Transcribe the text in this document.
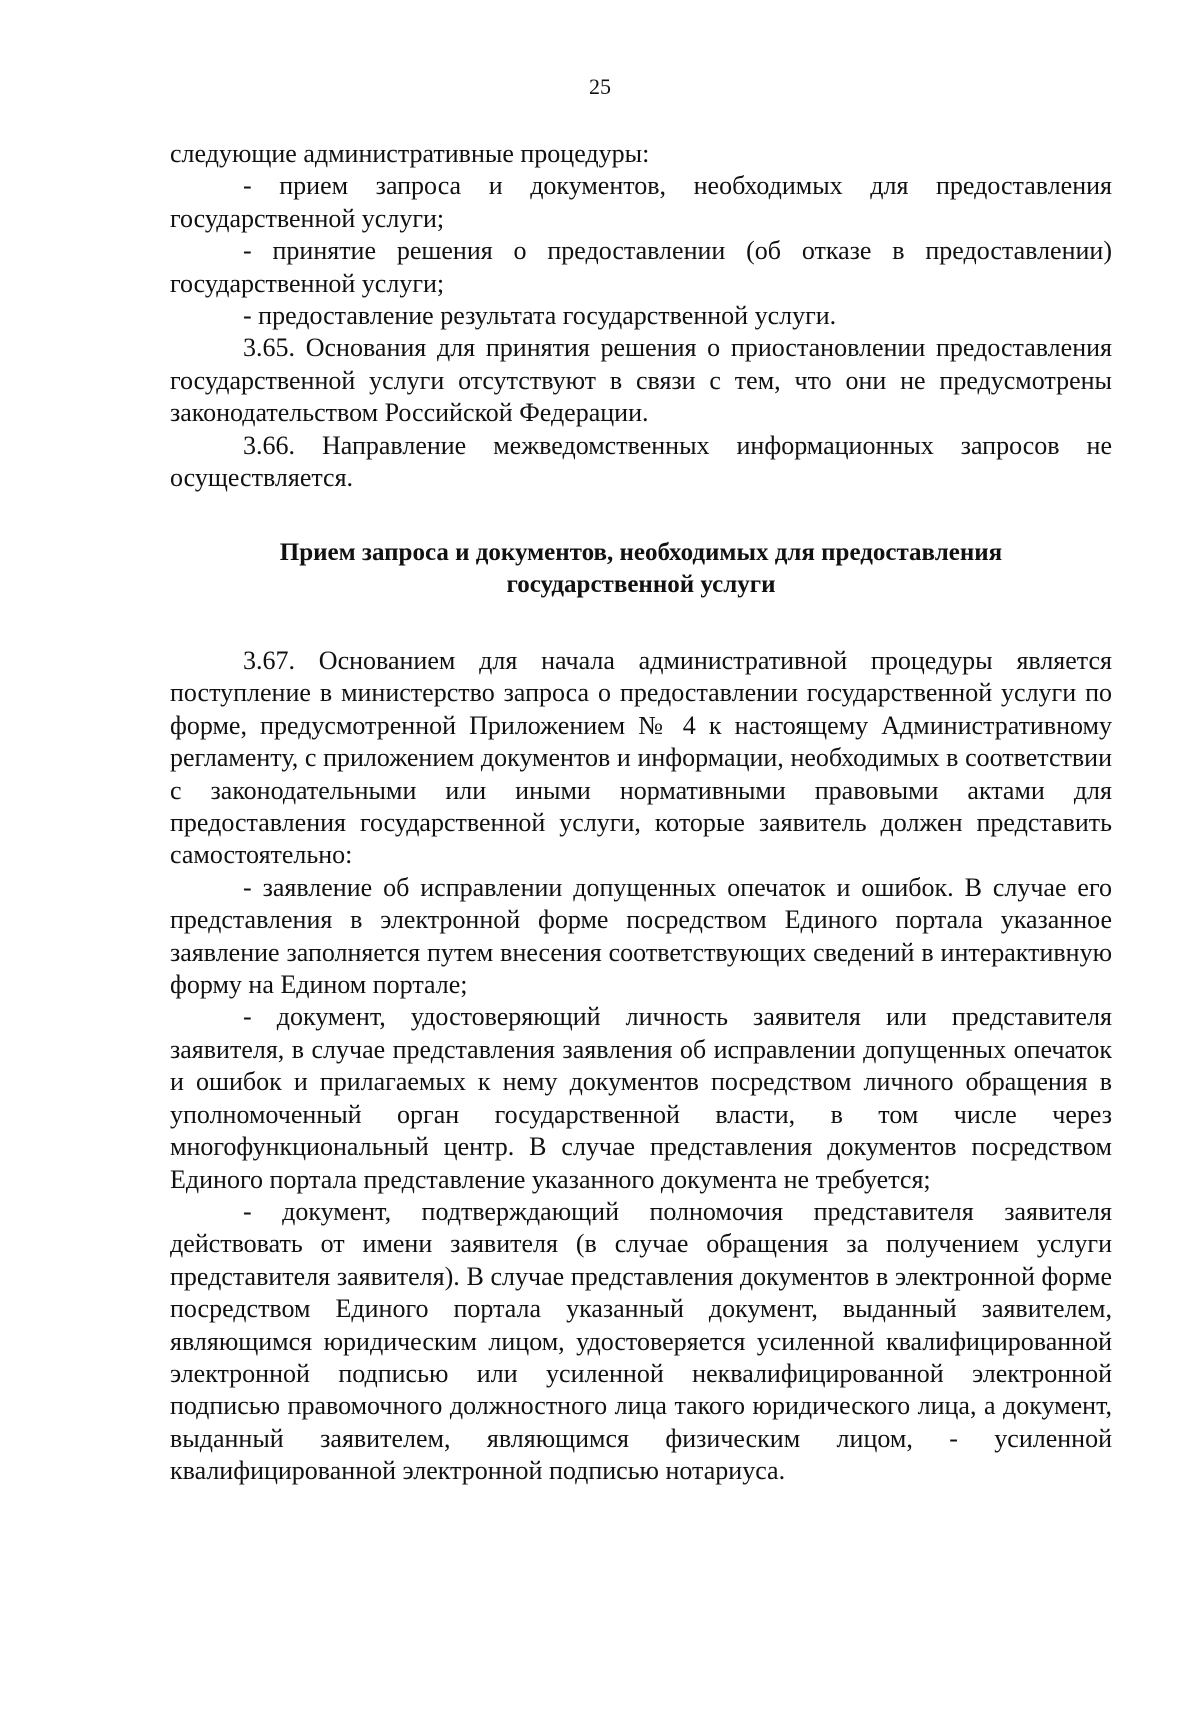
25

следующие административные процедуры:

- прием запроса и документов, необходимых для предоставления государственной услуги;

- принятие решения о предоставлении (об отказе в предоставлении) государственной услуги;

- предоставление результата государственной услуги.

3.65. Основания для принятия решения о приостановлении предоставления государственной услуги отсутствуют в связи с тем, что они не предусмотрены законодательством Российской Федерации.

3.66. Направление межведомственных информационных запросов не осуществляется.

Прием запроса и документов, необходимых для предоставления
государственной услуги

3.67. Основанием для начала административной процедуры является поступление в министерство запроса о предоставлении государственной услуги по форме, предусмотренной Приложением № 4 к настоящему Административному регламенту, с приложением документов и информации, необходимых в соответствии с законодательными или иными нормативными правовыми актами для предоставления государственной услуги, которые заявитель должен представить самостоятельно:

- заявление об исправлении допущенных опечаток и ошибок. В случае его представления в электронной форме посредством Единого портала указанное заявление заполняется путем внесения соответствующих сведений в интерактивную форму на Едином портале;

- документ, удостоверяющий личность заявителя или представителя заявителя, в случае представления заявления об исправлении допущенных опечаток и ошибок и прилагаемых к нему документов посредством личного обращения в уполномоченный орган государственной власти, в том числе через многофункциональный центр. В случае представления документов посредством Единого портала представление указанного документа не требуется;

- документ, подтверждающий полномочия представителя заявителя действовать от имени заявителя (в случае обращения за получением услуги представителя заявителя). В случае представления документов в электронной форме посредством Единого портала указанный документ, выданный заявителем, являющимся юридическим лицом, удостоверяется усиленной квалифицированной электронной подписью или усиленной неквалифицированной электронной подписью правомочного должностного лица такого юридического лица, а документ, выданный заявителем, являющимся физическим лицом, - усиленной квалифицированной электронной подписью нотариуса.
